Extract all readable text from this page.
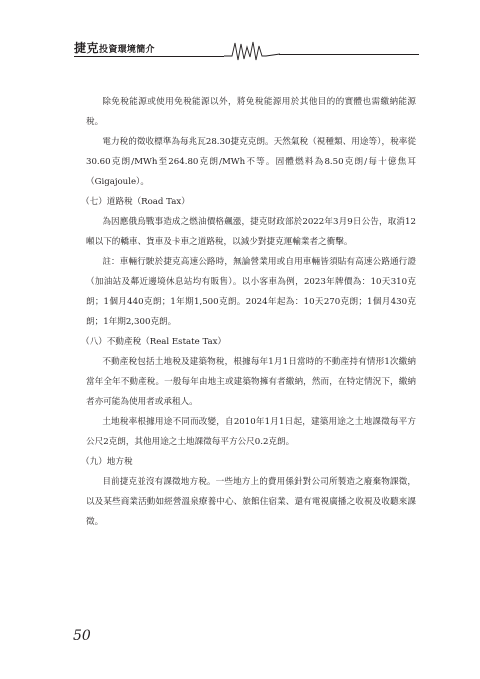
捷克投資環境簡介

除免稅能源或使用免稅能源以外，將免稅能源用於其他目的的實體也需繳納能源稅。

電力稅的徵收標準為每兆瓦28.30捷克克朗。天然氣稅（視種類、用途等），稅率從30.60克朗/MWh至264.80克朗/MWh不等。固體燃料為8.50克朗/每十億焦耳（Gigajoule）。

（七）道路稅（Road Tax）

為因應俄烏戰事造成之燃油價格飆漲，捷克財政部於2022年3月9日公告，取消12噸以下的轎車、貨車及卡車之道路稅，以減少對捷克運輸業者之衝擊。

註：車輛行駛於捷克高速公路時，無論營業用或自用車輛皆須貼有高速公路通行證（加油站及鄰近邊境休息站均有販售）。以小客車為例，2023年牌價為：10天310克朗；1個月440克朗；1年期1,500克朗。2024年起為：10天270克朗；1個月430克朗；1年期2,300克朗。

（八）不動產稅（Real Estate Tax）

不動產稅包括土地稅及建築物稅，根據每年1月1日當時的不動產持有情形1次繳納當年全年不動產稅。一般每年由地主或建築物擁有者繳納，然而，在特定情況下，繳納者亦可能為使用者或承租人。

土地稅率根據用途不同而改變，自2010年1月1日起，建築用途之土地課徵每平方公尺2克朗，其他用途之土地課徵每平方公尺0.2克朗。

（九）地方稅

目前捷克並沒有課徵地方稅。一些地方上的費用係針對公司所製造之廢棄物課徵，以及某些商業活動如經營溫泉療養中心、旅館住宿業、還有電視廣播之收視及收聽來課徵。

50
